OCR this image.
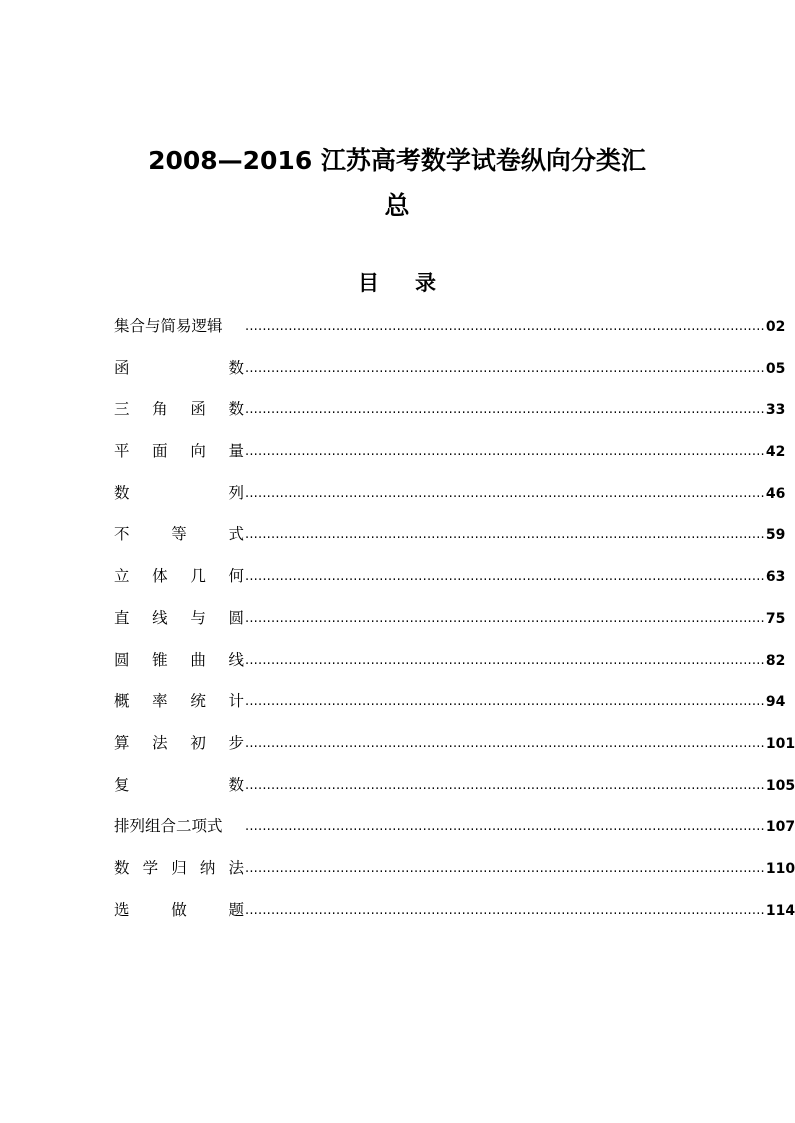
2008—2016 江苏高考数学试卷纵向分类汇
总
目 录
集合与简易逻辑	........................................................................................................................ 02
函	数 ........................................................................................................................ 05
三 角 函 数 ........................................................................................................................ 33
平 面 向 量 ........................................................................................................................ 42
数	列 ........................................................................................................................ 46
不	等	式 ........................................................................................................................ 59
立 体 几 何 ........................................................................................................................ 63
直 线 与 圆 ........................................................................................................................ 75
圆 锥 曲 线 ........................................................................................................................ 82
概 率 统 计 ........................................................................................................................ 94
算 法 初 步 ........................................................................................................................ 101
复	数 ........................................................................................................................ 105
排列组合二项式	........................................................................................................................ 107
数 学 归 纳 法 ........................................................................................................................ 110
选	做	题 ........................................................................................................................ 114
